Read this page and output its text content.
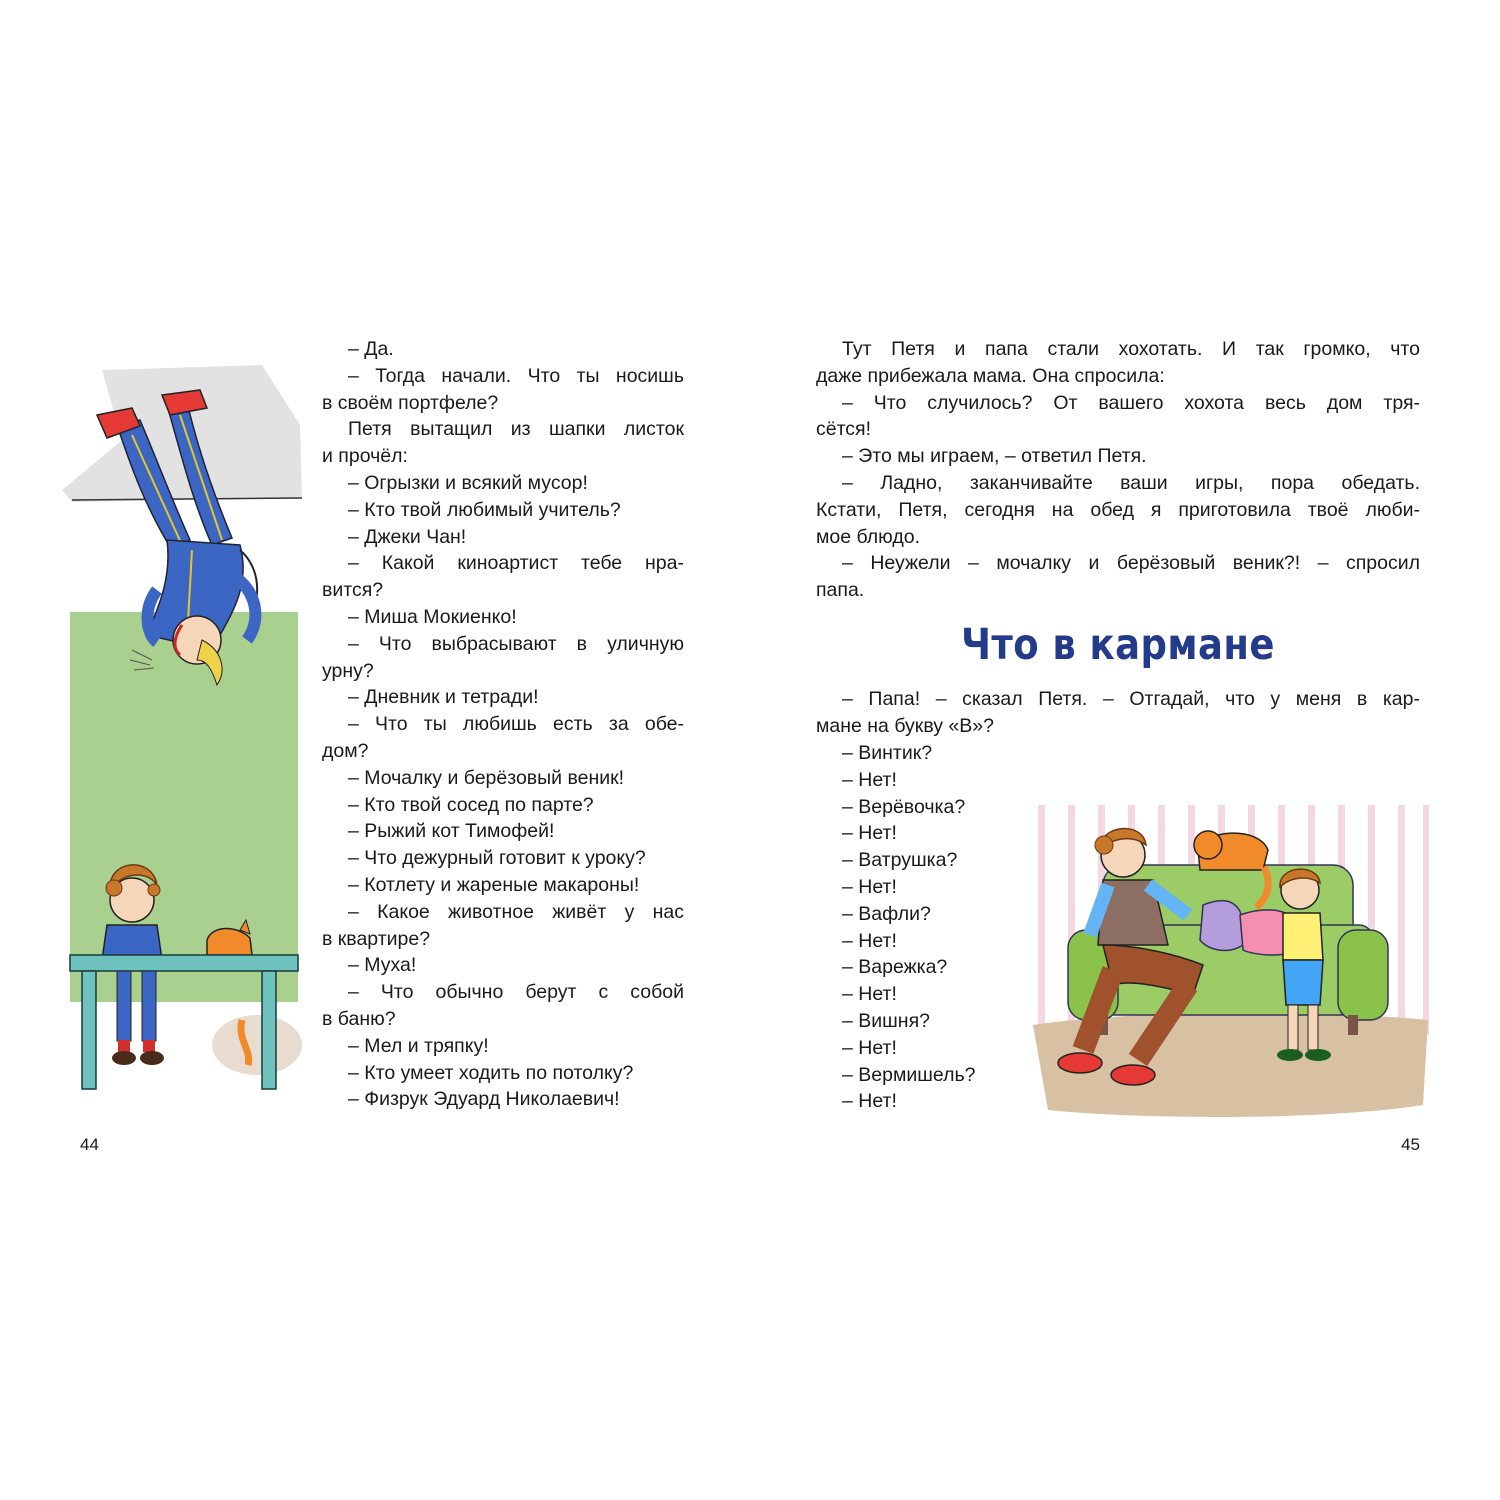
– Да.
– Тогда начали. Что ты носишь
в своём портфеле?
Петя вытащил из шапки листок
и прочёл:
– Огрызки и всякий мусор!
– Кто твой любимый учитель?
– Джеки Чан!
– Какой киноартист тебе нра-
вится?
– Миша Мокиенко!
– Что выбрасывают в уличную
урну?
– Дневник и тетради!
– Что ты любишь есть за обе-
дом?
– Мочалку и берёзовый веник!
– Кто твой сосед по парте?
– Рыжий кот Тимофей!
– Что дежурный готовит к уроку?
– Котлету и жареные макароны!
– Какое животное живёт у нас
в квартире?
– Муха!
– Что обычно берут с собой
в баню?
– Мел и тряпку!
– Кто умеет ходить по потолку?
– Физрук Эдуард Николаевич!
44
Тут Петя и папа стали хохотать. И так громко, что
даже прибежала мама. Она спросила:
– Что случилось? От вашего хохота весь дом тря-
сётся!
– Это мы играем, – ответил Петя.
– Ладно, заканчивайте ваши игры, пора обедать.
Кстати, Петя, сегодня на обед я приготовила твоё люби-
мое блюдо.
– Неужели – мочалку и берёзовый веник?! – спросил
папа.
Что в кармане
– Папа! – сказал Петя. – Отгадай, что у меня в кар-
мане на букву «В»?
– Винтик?
– Нет!
– Верёвочка?
– Нет!
– Ватрушка?
– Нет!
– Вафли?
– Нет!
– Варежка?
– Нет!
– Вишня?
– Нет!
– Вермишель?
– Нет!
45
